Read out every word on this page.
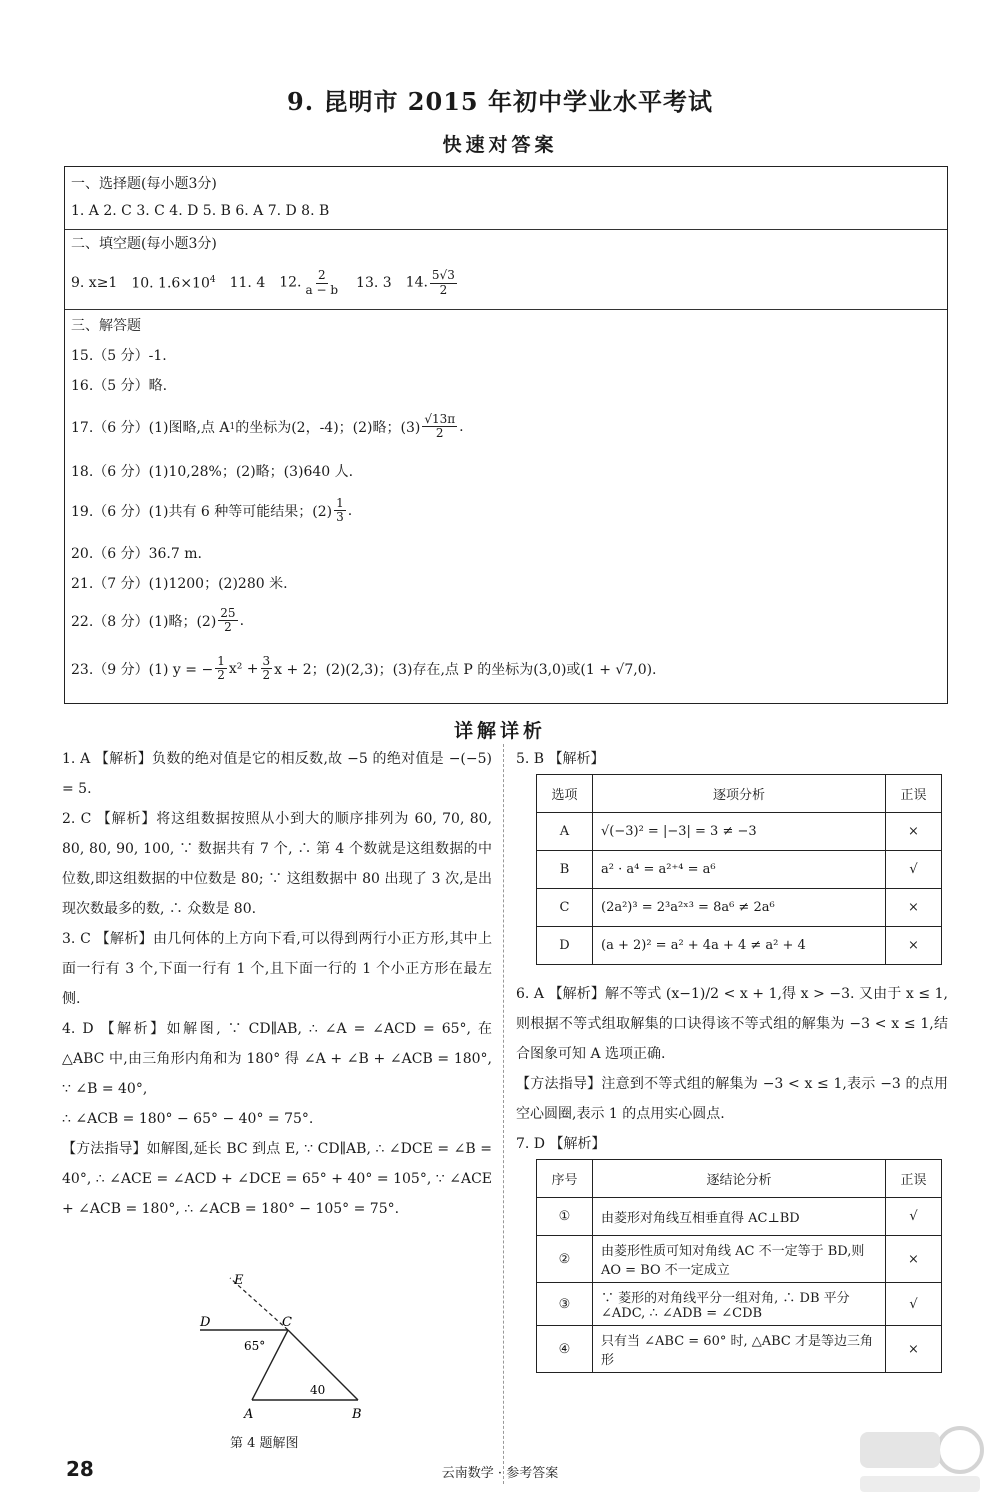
9. 昆明市 2015 年初中学业水平考试
快速对答案
一、选择题(每小题3分)
1. A 2. C 3. C 4. D 5. B 6. A 7. D 8. B
二、填空题(每小题3分)
9. x≥1 10. $1.6\times 10^4$ 11. 4 12. $\frac{2}{a - b} 13$. 3 14. $\frac{5√3}{2}$
三、解答题
15.（5 分）-1.
16.（5 分）略.
17.（6 分）(1)图略,点 A 1 的坐标为(2，-4)；(2)略；$(3) \frac{√13\pi}{2}$ .
18.（6 分）(1)10,28%；(2)略；(3)640 人.
19.（6 分）(1)共有 6 种等可能结果；$(2) \frac{1}{3}$ .
20.（6 分）36.7 m.
21.（7 分）(1)1200；(2)280 米.
22.（8 分）(1)略；$(2) \frac{25}{2}$ .
23.（9 分）(1) y = − $\frac{1}{2} x^2 + \frac{3}{2}$ x + 2；(2)(2,3)；(3)存在,点 P 的坐标为(3,0)或(1 + √7,0).
详解详析

1. A 【解析】负数的绝对值是它的相反数,故 −5 的绝对值是 −(−5) = 5.

2. C 【解析】将这组数据按照从小到大的顺序排列为 60, 70, 80, 80, 80, 90, 100, ∵ 数据共有 7 个, ∴ 第 4 个数就是这组数据的中位数,即这组数据的中位数是 80; ∵ 这组数据中 80 出现了 3 次,是出现次数最多的数, ∴ 众数是 80.

3. C 【解析】由几何体的上方向下看,可以得到两行小正方形,其中上面一行有 3 个,下面一行有 1 个,且下面一行的 1 个小正方形在最左侧.

4. D 【解析】如解图, ∵ CD∥AB, ∴ ∠A = ∠ACD = 65°, 在 △ABC 中,由三角形内角和为 180° 得 ∠A + ∠B + ∠ACB = 180°, ∵ ∠B = 40°,

∴ ∠ACB = 180° − 65° − 40° = 75°.

【方法指导】如解图,延长 BC 到点 E, ∵ CD∥AB, ∴ ∠DCE = ∠B = 40°, ∴ ∠ACE = ∠ACD + ∠DCE = 65° + 40° = 105°, ∵ ∠ACE + ∠ACB = 180°, ∴ ∠ACB = 180° − 105° = 75°.

E
D	C
A	B
65°
40
第 4 题解图

5. B 【解析】

选项	逐项分析	正误
A	√(−3)² = |−3| = 3 ≠ −3	×
B	a² · a⁴ = a²⁺⁴ = a⁶	√
C	(2a²)³ = 2³a²ˣ³ = 8a⁶ ≠ 2a⁶	×
D	(a + 2)² = a² + 4a + 4 ≠ a² + 4	×

6. A 【解析】解不等式 (x−1)/2 < x + 1,得 x > −3. 又由于 x ≤ 1,则根据不等式组取解集的口诀得该不等式组的解集为 −3 < x ≤ 1,结合图象可知 A 选项正确.

【方法指导】注意到不等式组的解集为 −3 < x ≤ 1,表示 −3 的点用空心圆圈,表示 1 的点用实心圆点.

7. D 【解析】

序号	逐结论分析	正误
①	由菱形对角线互相垂直得 AC⊥BD	√
②	由菱形性质可知对角线 AC 不一定等于 BD,则 AO = BO 不一定成立	×
③	∵ 菱形的对角线平分一组对角, ∴ DB 平分 ∠ADC, ∴ ∠ADB = ∠CDB	√
④	只有当 ∠ABC = 60° 时, △ABC 才是等边三角形	×
28	云南数学 · 参考答案
